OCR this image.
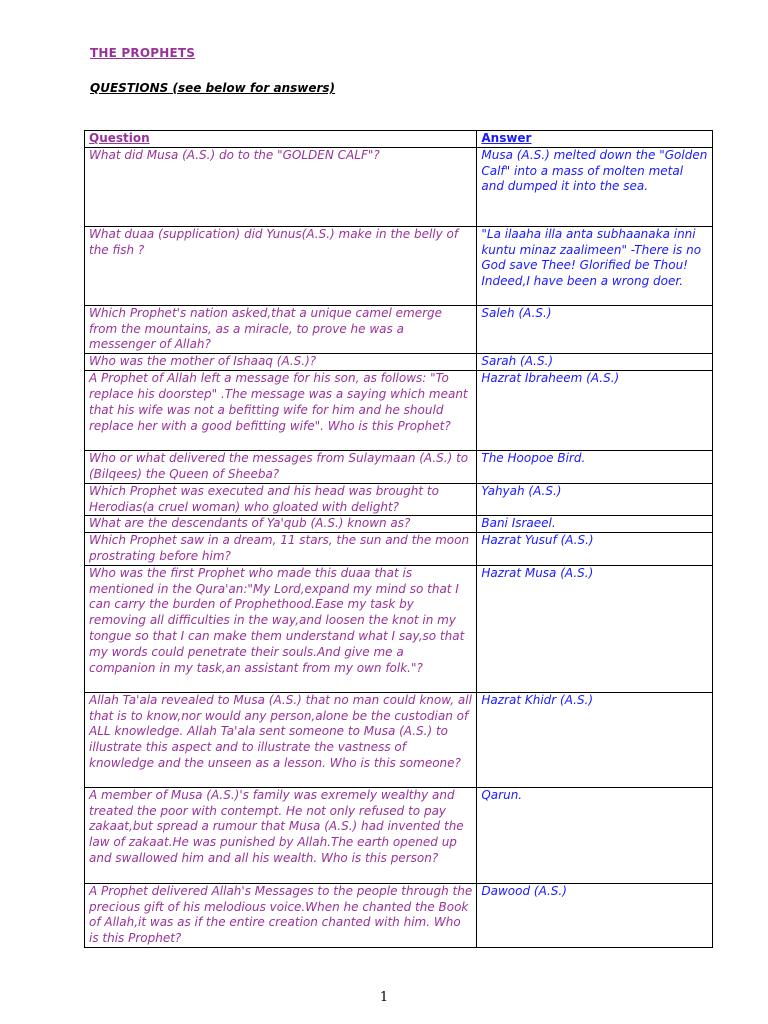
THE PROPHETS
QUESTIONS (see below for answers)
Question	Answer
What did Musa (A.S.) do to the "GOLDEN CALF"?	Musa (A.S.) melted down the "Golden Calf" into a mass of molten metal and dumped it into the sea.
What duaa (supplication) did Yunus(A.S.) make in the belly of the fish ?	"La ilaaha illa anta subhaanaka inni kuntu minaz zaalimeen" -There is no God save Thee! Glorified be Thou! Indeed,I have been a wrong doer.
Which Prophet's nation asked,that a unique camel emerge from the mountains, as a miracle, to prove he was a messenger of Allah?	Saleh (A.S.)
Who was the mother of Ishaaq (A.S.)?	Sarah (A.S.)
A Prophet of Allah left a message for his son, as follows: "To replace his doorstep" .The message was a saying which meant that his wife was not a befitting wife for him and he should replace her with a good befitting wife". Who is this Prophet?	Hazrat Ibraheem (A.S.)
Who or what delivered the messages from Sulaymaan (A.S.) to (Bilqees) the Queen of Sheeba?	The Hoopoe Bird.
Which Prophet was executed and his head was brought to Herodias(a cruel woman) who gloated with delight?	Yahyah (A.S.)
What are the descendants of Ya'qub (A.S.) known as?	Bani Israeel.
Which Prophet saw in a dream, 11 stars, the sun and the moon prostrating before him?	Hazrat Yusuf (A.S.)
Who was the first Prophet who made this duaa that is mentioned in the Qura'an:"My Lord,expand my mind so that I can carry the burden of Prophethood.Ease my task by removing all difficulties in the way,and loosen the knot in my tongue so that I can make them understand what I say,so that my words could penetrate their souls.And give me a companion in my task,an assistant from my own folk."?	Hazrat Musa (A.S.)
Allah Ta'ala revealed to Musa (A.S.) that no man could know, all that is to know,nor would any person,alone be the custodian of ALL knowledge. Allah Ta'ala sent someone to Musa (A.S.) to illustrate this aspect and to illustrate the vastness of knowledge and the unseen as a lesson. Who is this someone?	Hazrat Khidr (A.S.)
A member of Musa (A.S.)'s family was exremely wealthy and treated the poor with contempt. He not only refused to pay zakaat,but spread a rumour that Musa (A.S.) had invented the law of zakaat.He was punished by Allah.The earth opened up and swallowed him and all his wealth. Who is this person?	Qarun.
A Prophet delivered Allah's Messages to the people through the precious gift of his melodious voice.When he chanted the Book of Allah,it was as if the entire creation chanted with him. Who is this Prophet?	Dawood (A.S.)
1
